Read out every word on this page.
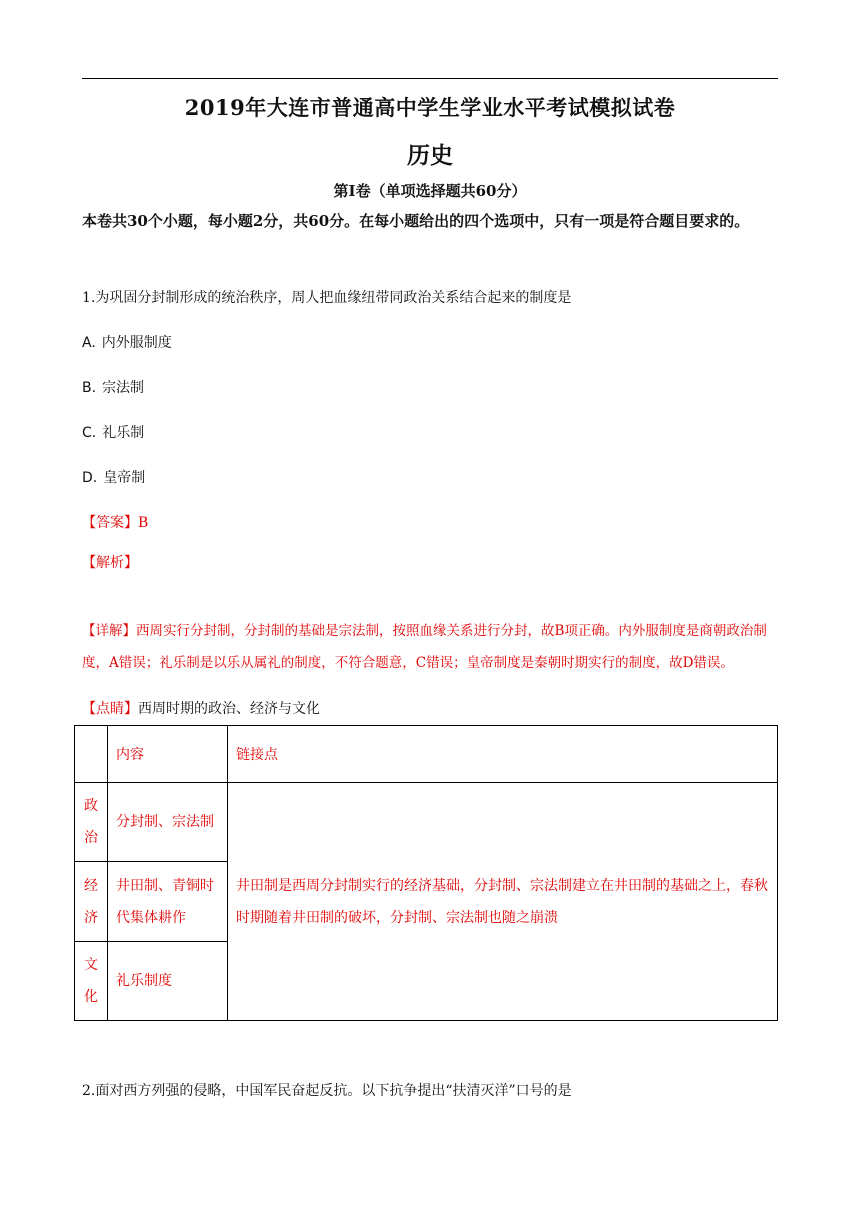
2019年大连市普通高中学生学业水平考试模拟试卷
历史
第Ⅰ卷（单项选择题共60分）
本卷共30个小题，每小题2分，共60分。在每小题给出的四个选项中，只有一项是符合题目要求的。
1.为巩固分封制形成的统治秩序，周人把血缘纽带同政治关系结合起来的制度是
A. 内外服制度
B. 宗法制
C. 礼乐制
D. 皇帝制
【答案】B
【解析】
【详解】西周实行分封制，分封制的基础是宗法制，按照血缘关系进行分封，故B项正确。内外服制度是商朝政治制度，A错误；礼乐制是以乐从属礼的制度，不符合题意，C错误；皇帝制度是秦朝时期实行的制度，故D错误。
【点睛】西周时期的政治、经济与文化
	内容	链接点
政治	分封制、宗法制	井田制是西周分封制实行的经济基础，分封制、宗法制建立在井田制的基础之上，春秋时期随着井田制的破坏，分封制、宗法制也随之崩溃
经济	井田制、青铜时代集体耕作	
文化	礼乐制度	
2.面对西方列强的侵略，中国军民奋起反抗。以下抗争提出“扶清灭洋”口号的是
